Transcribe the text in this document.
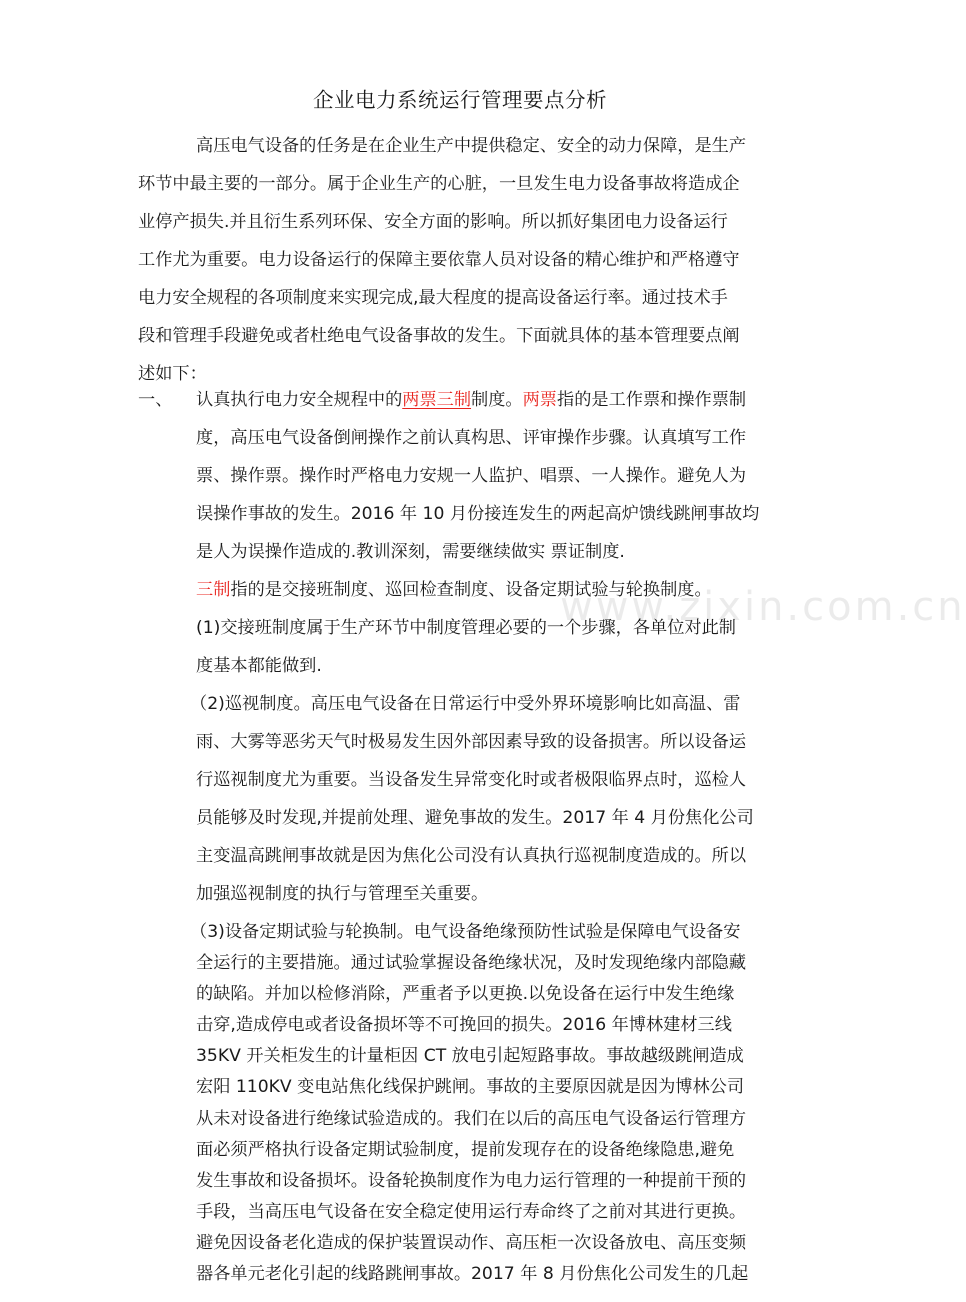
www.zixin.com.cn
企业电力系统运行管理要点分析
高压电气设备的任务是在企业生产中提供稳定、安全的动力保障，是生产
环节中最主要的一部分。属于企业生产的心脏，一旦发生电力设备事故将造成企
业停产损失.并且衍生系列环保、安全方面的影响。所以抓好集团电力设备运行
工作尤为重要。电力设备运行的保障主要依靠人员对设备的精心维护和严格遵守
电力安全规程的各项制度来实现完成,最大程度的提高设备运行率。通过技术手
段和管理手段避免或者杜绝电气设备事故的发生。下面就具体的基本管理要点阐
述如下：
一、 认真执行电力安全规程中的两票三制制度。两票指的是工作票和操作票制
度，高压电气设备倒闸操作之前认真构思、评审操作步骤。认真填写工作
票、操作票。操作时严格电力安规一人监护、唱票、一人操作。避免人为
误操作事故的发生。2016 年 10 月份接连发生的两起高炉馈线跳闸事故均
是人为误操作造成的.教训深刻，需要继续做实 票证制度.
三制指的是交接班制度、巡回检查制度、设备定期试验与轮换制度。
(1)交接班制度属于生产环节中制度管理必要的一个步骤，各单位对此制
度基本都能做到.
（2)巡视制度。高压电气设备在日常运行中受外界环境影响比如高温、雷
雨、大雾等恶劣天气时极易发生因外部因素导致的设备损害。所以设备运
行巡视制度尤为重要。当设备发生异常变化时或者极限临界点时，巡检人
员能够及时发现,并提前处理、避免事故的发生。2017 年 4 月份焦化公司
主变温高跳闸事故就是因为焦化公司没有认真执行巡视制度造成的。所以
加强巡视制度的执行与管理至关重要。
（3)设备定期试验与轮换制。电气设备绝缘预防性试验是保障电气设备安
全运行的主要措施。通过试验掌握设备绝缘状况，及时发现绝缘内部隐藏
的缺陷。并加以检修消除，严重者予以更换.以免设备在运行中发生绝缘
击穿,造成停电或者设备损坏等不可挽回的损失。2016 年博林建材三线
35KV 开关柜发生的计量柜因 CT 放电引起短路事故。事故越级跳闸造成
宏阳 110KV 变电站焦化线保护跳闸。事故的主要原因就是因为博林公司
从未对设备进行绝缘试验造成的。我们在以后的高压电气设备运行管理方
面必须严格执行设备定期试验制度，提前发现存在的设备绝缘隐患,避免
发生事故和设备损坏。设备轮换制度作为电力运行管理的一种提前干预的
手段，当高压电气设备在安全稳定使用运行寿命终了之前对其进行更换。
避免因设备老化造成的保护装置误动作、高压柜一次设备放电、高压变频
器各单元老化引起的线路跳闸事故。2017 年 8 月份焦化公司发生的几起
